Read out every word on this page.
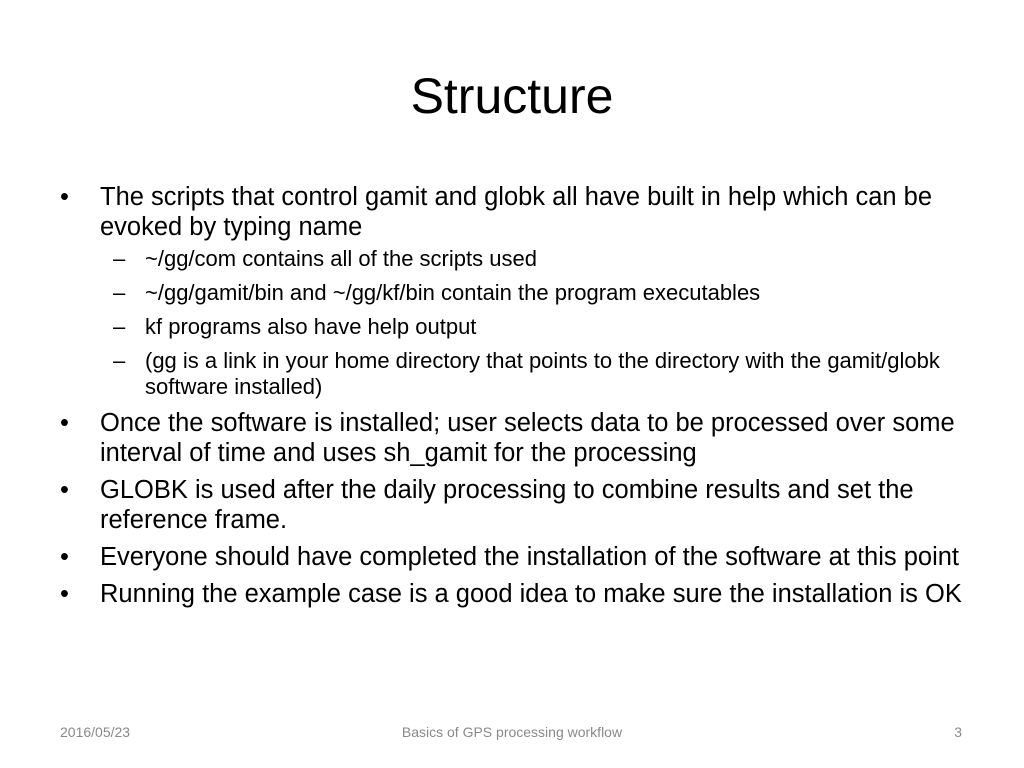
Structure
•	The scripts that control gamit and globk all have built in help which can be evoked by typing name
– ~/gg/com contains all of the scripts used
– ~/gg/gamit/bin and ~/gg/kf/bin contain the program executables
– kf programs also have help output
– (gg is a link in your home directory that points to the directory with the gamit/globk software installed)
•	Once the software is installed; user selects data to be processed over some interval of time and uses sh_gamit for the processing
•	GLOBK is used after the daily processing to combine results and set the reference frame.
•	Everyone should have completed the installation of the software at this point
•	Running the example case is a good idea to make sure the installation is OK
Basics of GPS processing workflow
2016/05/23	3
